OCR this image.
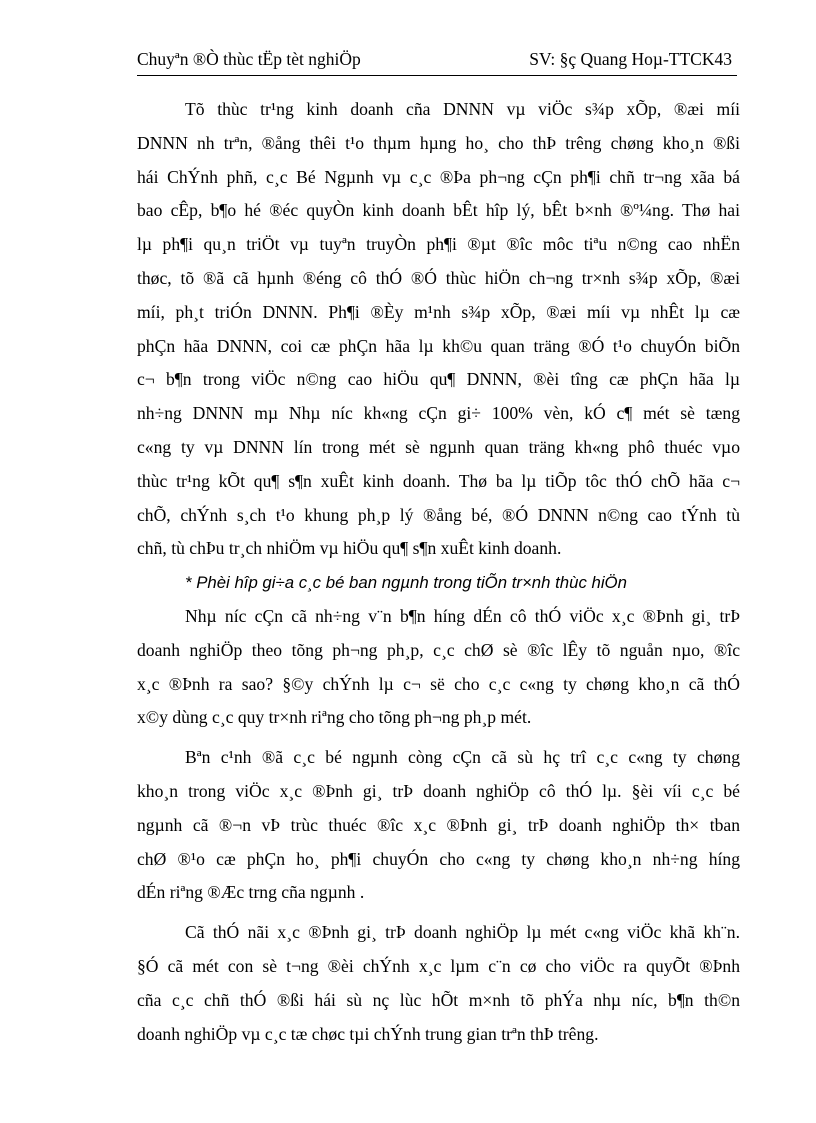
Chuyªn ®Ò thùc tËp tèt nghiÖp	SV: §ç Quang Hoµ-TTCK43
Tõ thùc tr¹ng kinh doanh cña DNNN vµ viÖc s¾p xÕp, ®æi míi
DNNN nh trªn, ®ång thêi t¹o thµm hµng ho¸ cho thÞ trêng chøng kho¸n ®ßi
hái ChÝnh phñ, c¸c Bé Ngµnh vµ c¸c ®Þa ph¬ng cÇn ph¶i chñ tr¬ng xãa bá
bao cÊp, b¶o hé ®éc quyÒn kinh doanh bÊt hîp lý, bÊt b×nh ®º¼ng. Thø hai
lµ ph¶i qu¸n triÖt vµ tuyªn truyÒn ph¶i ®µt ®îc môc tiªu n©ng cao nhËn
thøc, tõ ®ã cã hµnh ®éng cô thÓ ®Ó thùc hiÖn ch¬ng tr×nh s¾p xÕp, ®æi
míi, ph¸t triÓn DNNN. Ph¶i ®Èy m¹nh s¾p xÕp, ®æi míi vµ nhÊt lµ cæ
phÇn hãa DNNN, coi cæ phÇn hãa lµ kh©u quan träng ®Ó t¹o chuyÓn biÕn
c¬ b¶n trong viÖc n©ng cao hiÖu qu¶ DNNN, ®èi tîng cæ phÇn hãa lµ
nh÷ng DNNN mµ Nhµ níc kh«ng cÇn gi÷ 100% vèn, kÓ c¶ mét sè tæng
c«ng ty vµ DNNN lín trong mét sè ngµnh quan träng kh«ng phô thuéc vµo
thùc tr¹ng kÕt qu¶ s¶n xuÊt kinh doanh. Thø ba lµ tiÕp tôc thÓ chÕ hãa c¬
chÕ, chÝnh s¸ch t¹o khung ph¸p lý ®ång bé, ®Ó DNNN n©ng cao tÝnh tù
chñ, tù chÞu tr¸ch nhiÖm vµ hiÖu qu¶ s¶n xuÊt kinh doanh.
* Phèi hîp gi÷a c¸c bé ban ngµnh trong tiÕn tr×nh thùc hiÖn
Nhµ níc cÇn cã nh÷ng v¨n b¶n híng dÉn cô thÓ viÖc x¸c ®Þnh gi¸ trÞ
doanh nghiÖp theo tõng ph¬ng ph¸p, c¸c chØ sè ®îc lÊy tõ nguån nµo, ®îc
x¸c ®Þnh ra sao? §©y chÝnh lµ c¬ së cho c¸c c«ng ty chøng kho¸n cã thÓ
x©y dùng c¸c quy tr×nh riªng cho tõng ph¬ng ph¸p mét.
Bªn c¹nh ®ã c¸c bé ngµnh còng cÇn cã sù hç trî c¸c c«ng ty chøng
kho¸n trong viÖc x¸c ®Þnh gi¸ trÞ doanh nghiÖp cô thÓ lµ. §èi víi c¸c bé
ngµnh cã ®¬n vÞ trùc thuéc ®îc x¸c ®Þnh gi¸ trÞ doanh nghiÖp th× tban
chØ ®¹o cæ phÇn ho¸ ph¶i chuyÓn cho c«ng ty chøng kho¸n nh÷ng híng
dÉn riªng ®Æc trng cña ngµnh .
Cã thÓ nãi x¸c ®Þnh gi¸ trÞ doanh nghiÖp lµ mét c«ng viÖc khã kh¨n.
§Ó cã mét con sè t¬ng ®èi chÝnh x¸c lµm c¨n cø cho viÖc ra quyÕt ®Þnh
cña c¸c chñ thÓ ®ßi hái sù nç lùc hÕt m×nh tõ phÝa nhµ níc, b¶n th©n
doanh nghiÖp vµ c¸c tæ chøc tµi chÝnh trung gian trªn thÞ trêng.
